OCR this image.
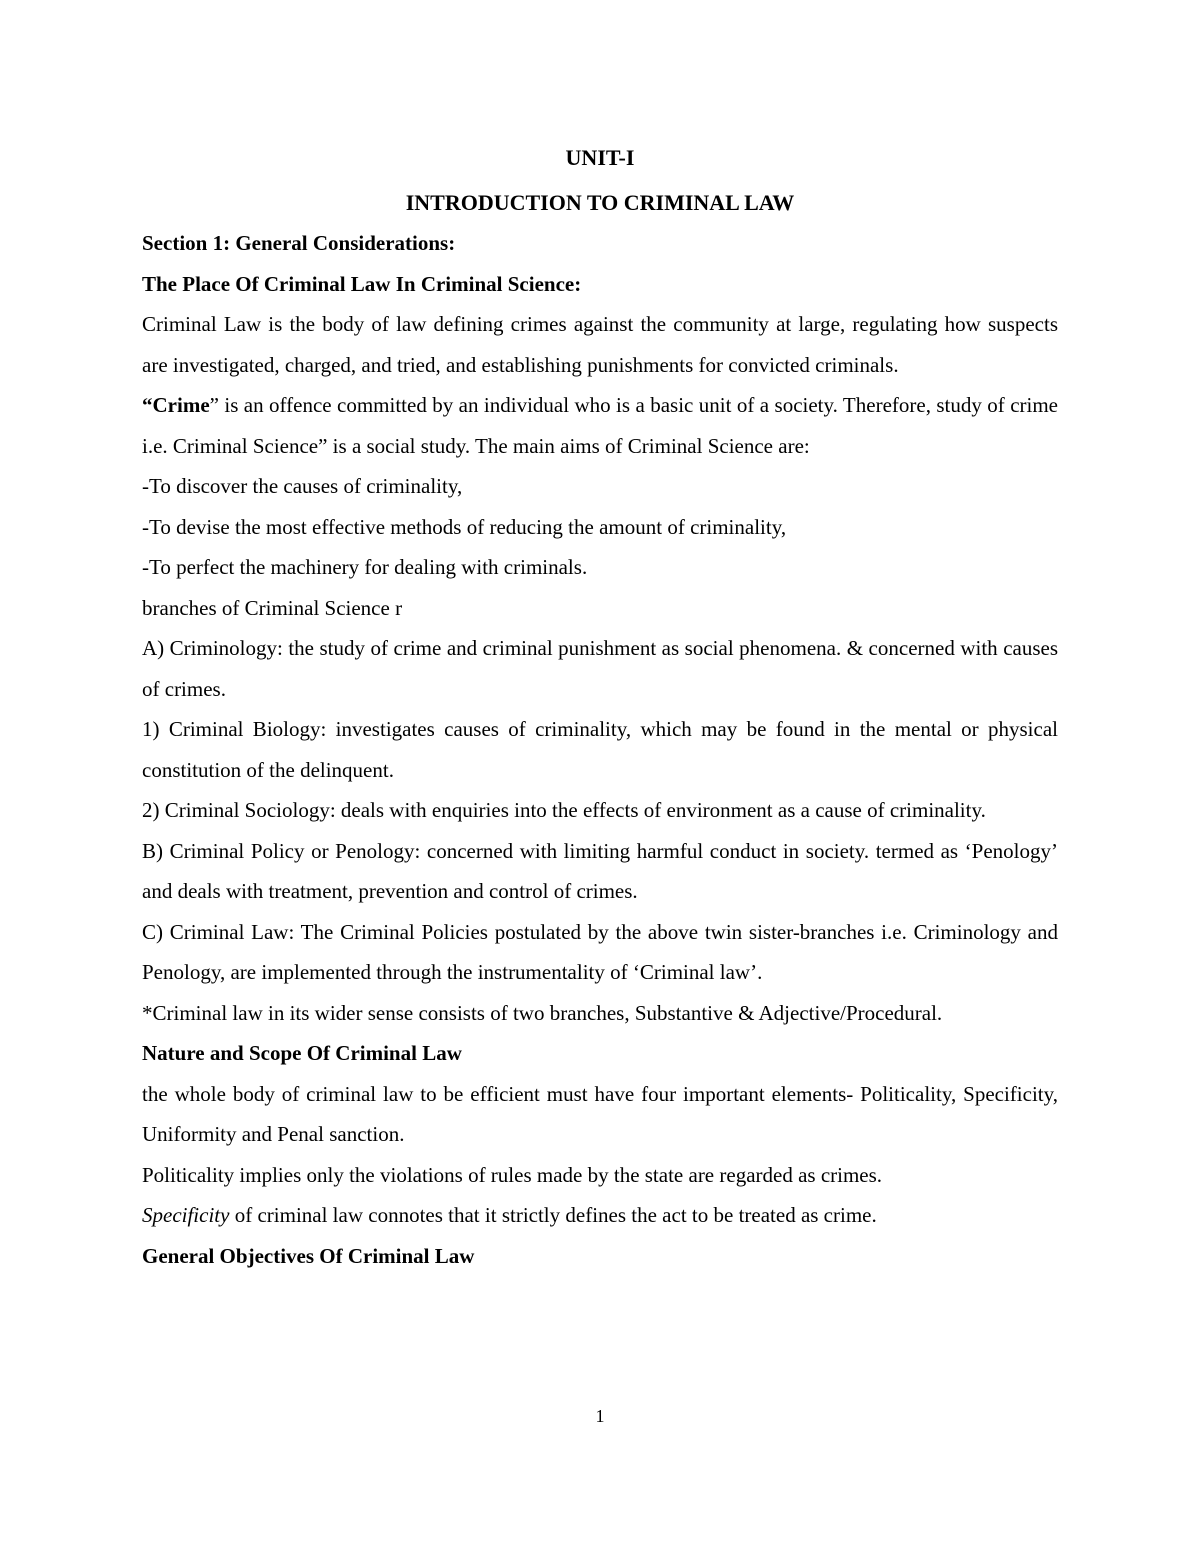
UNIT-I
INTRODUCTION TO CRIMINAL LAW
Section 1: General Considerations:
The Place Of Criminal Law In Criminal Science:
Criminal Law is the body of law defining crimes against the community at large, regulating how suspects are investigated, charged, and tried, and establishing punishments for convicted criminals.
“Crime” is an offence committed by an individual who is a basic unit of a society. Therefore, study of crime i.e. Criminal Science” is a social study. The main aims of Criminal Science are:
-To discover the causes of criminality,
-To devise the most effective methods of reducing the amount of criminality,
-To perfect the machinery for dealing with criminals.
branches of Criminal Science r
A) Criminology: the study of crime and criminal punishment as social phenomena. & concerned with causes of crimes.
1) Criminal Biology: investigates causes of criminality, which may be found in the mental or physical constitution of the delinquent.
2) Criminal Sociology: deals with enquiries into the effects of environment as a cause of criminality.
B) Criminal Policy or Penology: concerned with limiting harmful conduct in society. termed as ‘Penology’ and deals with treatment, prevention and control of crimes.
C) Criminal Law: The Criminal Policies postulated by the above twin sister-branches i.e. Criminology and Penology, are implemented through the instrumentality of ‘Criminal law’.
*Criminal law in its wider sense consists of two branches, Substantive & Adjective/Procedural.
Nature and Scope Of Criminal Law
the whole body of criminal law to be efficient must have four important elements- Politicality, Specificity, Uniformity and Penal sanction.
Politicality implies only the violations of rules made by the state are regarded as crimes.
Specificity of criminal law connotes that it strictly defines the act to be treated as crime.
General Objectives Of Criminal Law
1
